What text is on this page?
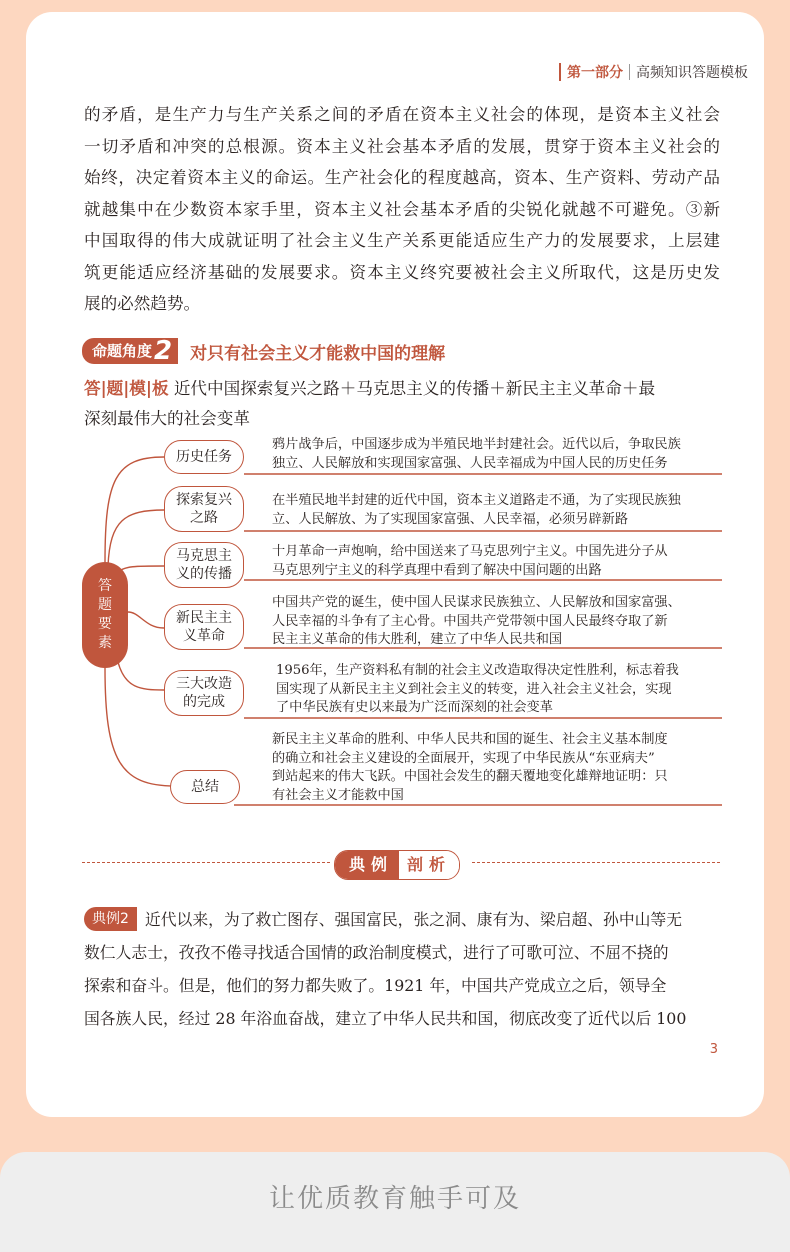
第一部分 高频知识答题模板
的矛盾，是生产力与生产关系之间的矛盾在资本主义社会的体现，是资本主义社会
一切矛盾和冲突的总根源。资本主义社会基本矛盾的发展，贯穿于资本主义社会的
始终，决定着资本主义的命运。生产社会化的程度越高，资本、生产资料、劳动产品
就越集中在少数资本家手里，资本主义社会基本矛盾的尖锐化就越不可避免。③新
中国取得的伟大成就证明了社会主义生产关系更能适应生产力的发展要求，上层建
筑更能适应经济基础的发展要求。资本主义终究要被社会主义所取代，这是历史发
展的必然趋势。
命题角度 2 对只有社会主义才能救中国的理解
答|题|模|板 近代中国探索复兴之路＋马克思主义的传播＋新民主主义革命＋最
深刻最伟大的社会变革
答题要素
历史任务
探索复兴之路
马克思主义的传播
新民主主义革命
三大改造的完成
总结
鸦片战争后，中国逐步成为半殖民地半封建社会。近代以后，争取民族
独立、人民解放和实现国家富强、人民幸福成为中国人民的历史任务
在半殖民地半封建的近代中国，资本主义道路走不通，为了实现民族独
立、人民解放、为了实现国家富强、人民幸福，必须另辟新路
十月革命一声炮响，给中国送来了马克思列宁主义。中国先进分子从
马克思列宁主义的科学真理中看到了解决中国问题的出路
中国共产党的诞生，使中国人民谋求民族独立、人民解放和国家富强、
人民幸福的斗争有了主心骨。中国共产党带领中国人民最终夺取了新
民主主义革命的伟大胜利，建立了中华人民共和国
1956年，生产资料私有制的社会主义改造取得决定性胜利，标志着我
国实现了从新民主主义到社会主义的转变，进入社会主义社会，实现
了中华民族有史以来最为广泛而深刻的社会变革
新民主主义革命的胜利、中华人民共和国的诞生、社会主义基本制度
的确立和社会主义建设的全面展开，实现了中华民族从“东亚病夫”
到站起来的伟大飞跃。中国社会发生的翻天覆地变化雄辩地证明：只
有社会主义才能救中国
典例 剖析
典例2 近代以来，为了救亡图存、强国富民，张之洞、康有为、梁启超、孙中山等无
数仁人志士，孜孜不倦寻找适合国情的政治制度模式，进行了可歌可泣、不屈不挠的
探索和奋斗。但是，他们的努力都失败了。1921 年，中国共产党成立之后，领导全
国各族人民，经过 28 年浴血奋战，建立了中华人民共和国，彻底改变了近代以后 100
3
让优质教育触手可及
